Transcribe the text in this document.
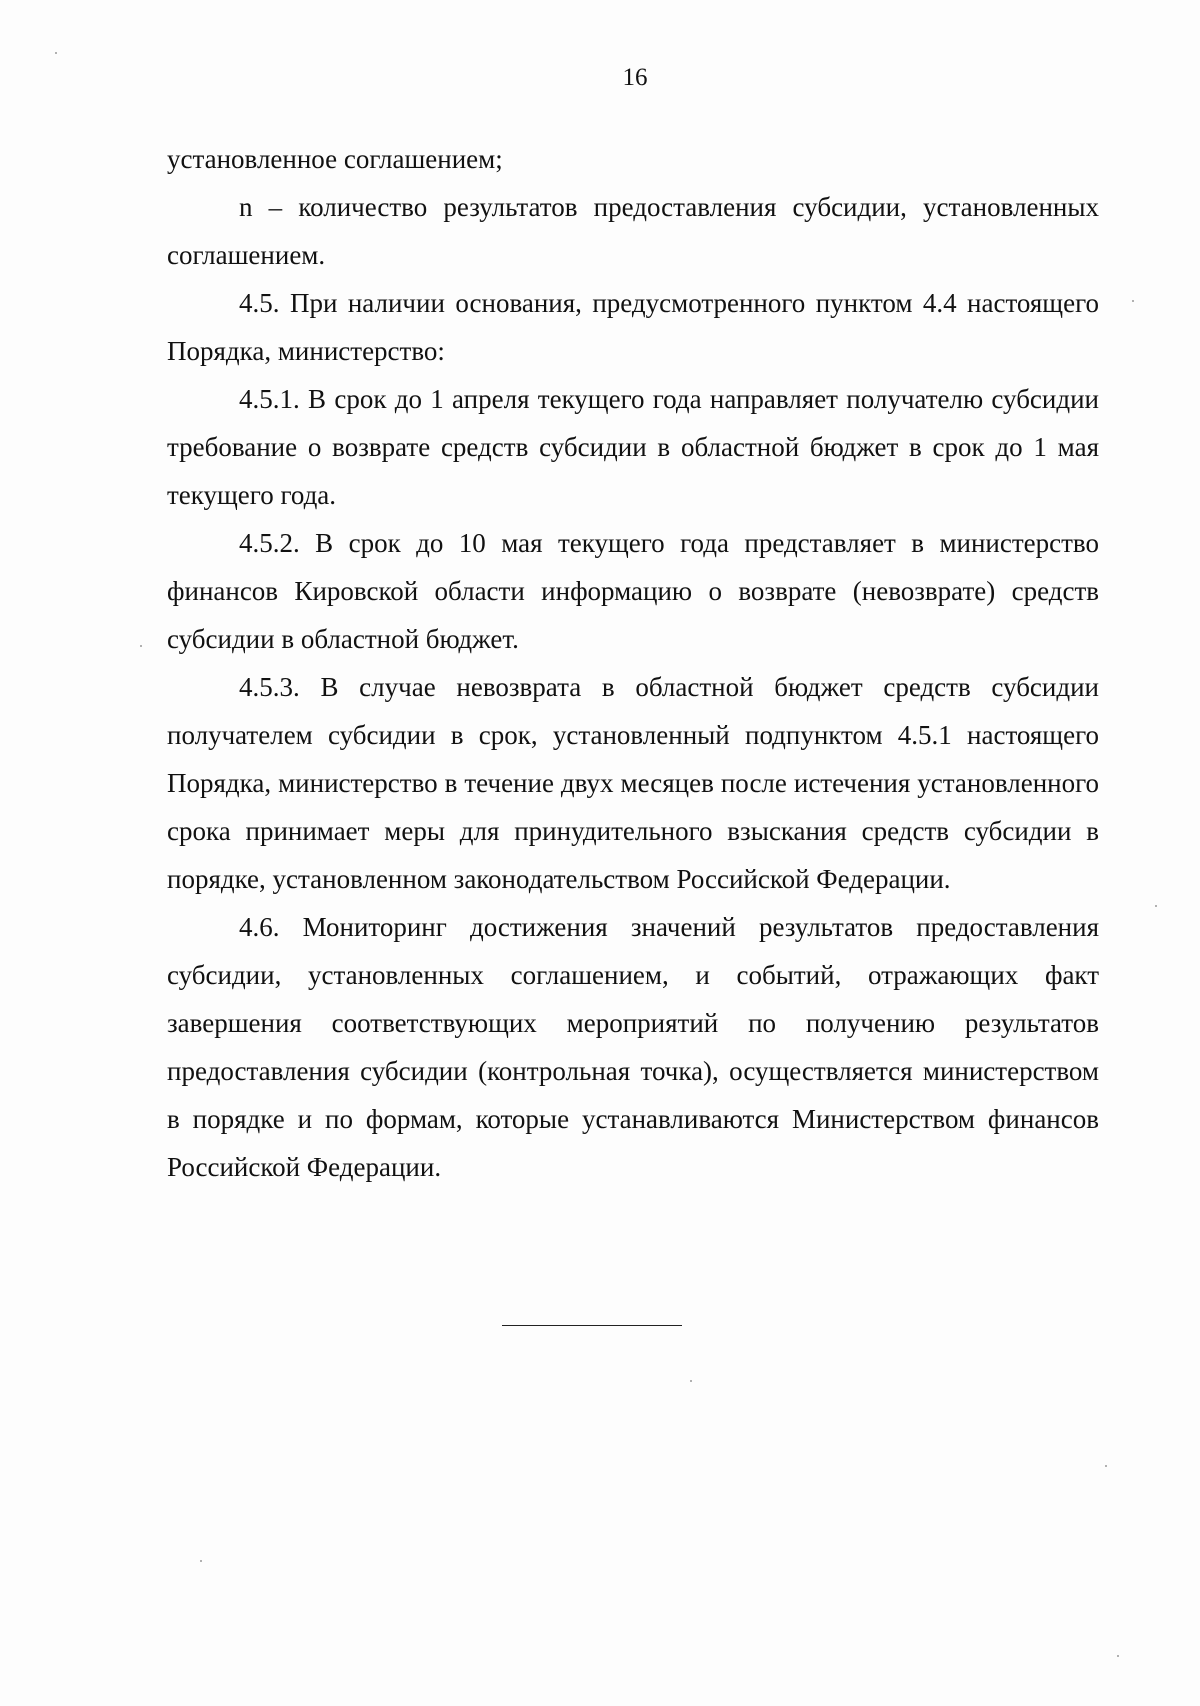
16

установленное соглашением;

n – количество результатов предоставления субсидии, установленных соглашением.

4.5. При наличии основания, предусмотренного пунктом 4.4 настоящего Порядка, министерство:

4.5.1. В срок до 1 апреля текущего года направляет получателю субсидии требование о возврате средств субсидии в областной бюджет в срок до 1 мая текущего года.

4.5.2. В срок до 10 мая текущего года представляет в министерство финансов Кировской области информацию о возврате (невозврате) средств субсидии в областной бюджет.

4.5.3. В случае невозврата в областной бюджет средств субсидии получателем субсидии в срок, установленный подпунктом 4.5.1 настоящего Порядка, министерство в течение двух месяцев после истечения установленного срока принимает меры для принудительного взыскания средств субсидии в порядке, установленном законодательством Российской Федерации.

4.6. Мониторинг достижения значений результатов предоставления субсидии, установленных соглашением, и событий, отражающих факт завершения соответствующих мероприятий по получению результатов предоставления субсидии (контрольная точка), осуществляется министерством в порядке и по формам, которые устанавливаются Министерством финансов Российской Федерации.
